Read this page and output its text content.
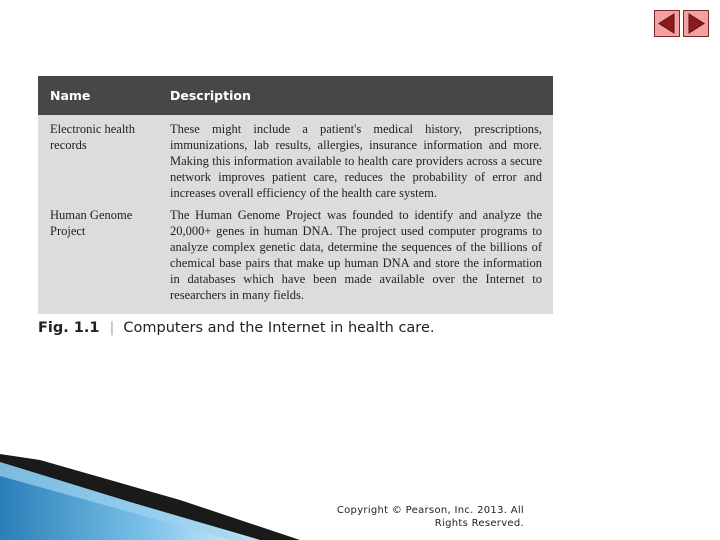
Name	Description
Electronic health records
These might include a patient's medical history, prescriptions, immunizations, lab results, allergies, insurance information and more. Making this information available to health care providers across a secure network improves patient care, reduces the probability of error and increases overall efficiency of the health care system.
Human Genome Project
The Human Genome Project was founded to identify and analyze the 20,000+ genes in human DNA. The project used computer programs to analyze complex genetic data, determine the sequences of the billions of chemical base pairs that make up human DNA and store the information in databases which have been made available over the Internet to researchers in many fields.
Fig. 1.1 | Computers and the Internet in health care.
Copyright © Pearson, Inc. 2013. All Rights Reserved.
